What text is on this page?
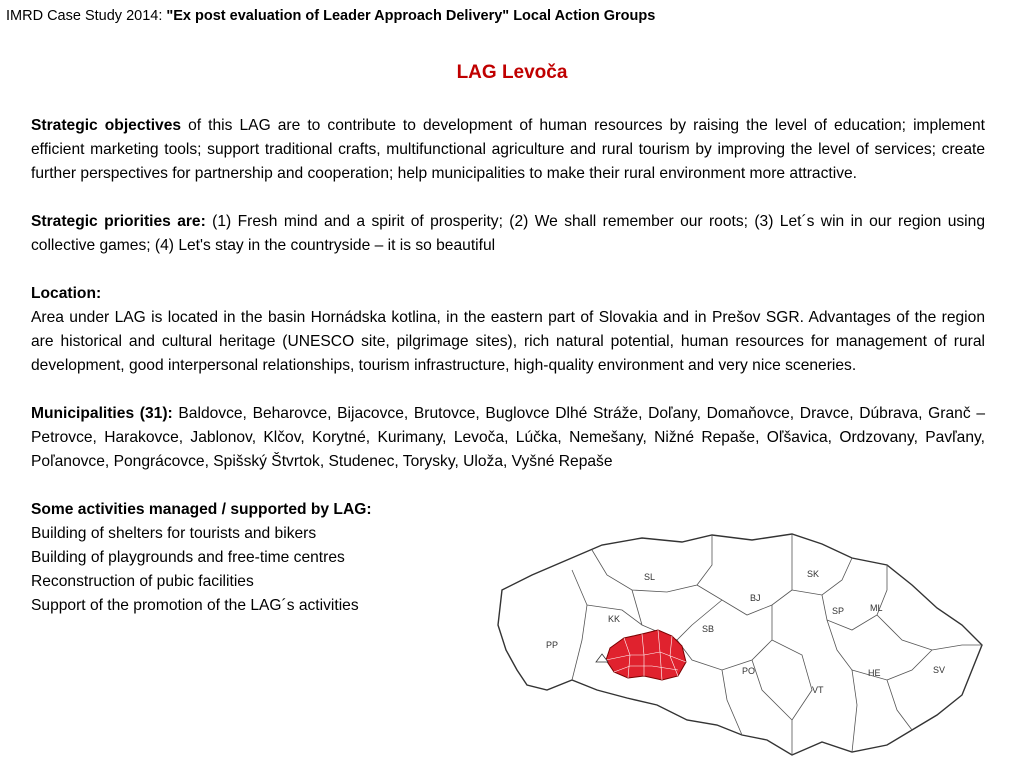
IMRD Case Study 2014: "Ex post evaluation of Leader Approach Delivery" Local Action Groups
LAG Levoča

Strategic objectives of this LAG are to contribute to development of human resources by raising the level of education; implement efficient marketing tools; support traditional crafts, multifunctional agriculture and rural tourism by improving the level of services; create further perspectives for partnership and cooperation; help municipalities to make their rural environment more attractive.

Strategic priorities are: (1) Fresh mind and a spirit of prosperity; (2) We shall remember our roots; (3) Let´s win in our region using collective games; (4) Let's stay in the countryside – it is so beautiful

Location:
Area under LAG is located in the basin Hornádska kotlina, in the eastern part of Slovakia and in Prešov SGR. Advantages of the region are historical and cultural heritage (UNESCO site, pilgrimage sites), rich natural potential, human resources for management of rural development, good interpersonal relationships, tourism infrastructure, high-quality environment and very nice sceneries.

Municipalities (31): Baldovce, Beharovce, Bijacovce, Brutovce, Buglovce Dlhé Stráže, Doľany, Domaňovce, Dravce, Dúbrava, Granč – Petrovce, Harakovce, Jablonov, Klčov, Korytné, Kurimany, Levoča, Lúčka, Nemešany, Nižné Repaše, Oľšavica, Ordzovany, Pavľany, Poľanovce, Pongrácovce, Spišský Štvrtok, Studenec, Torysky, Uloža, Vyšné Repaše

Some activities managed / supported by LAG:
Building of shelters for tourists and bikers
Building of playgrounds and free-time centres
Reconstruction of pubic facilities
Support of the promotion of the LAG´s activities

SL	SK
BJ
SP	ML
KK
SB
PP
PO	HE	SV
VT
